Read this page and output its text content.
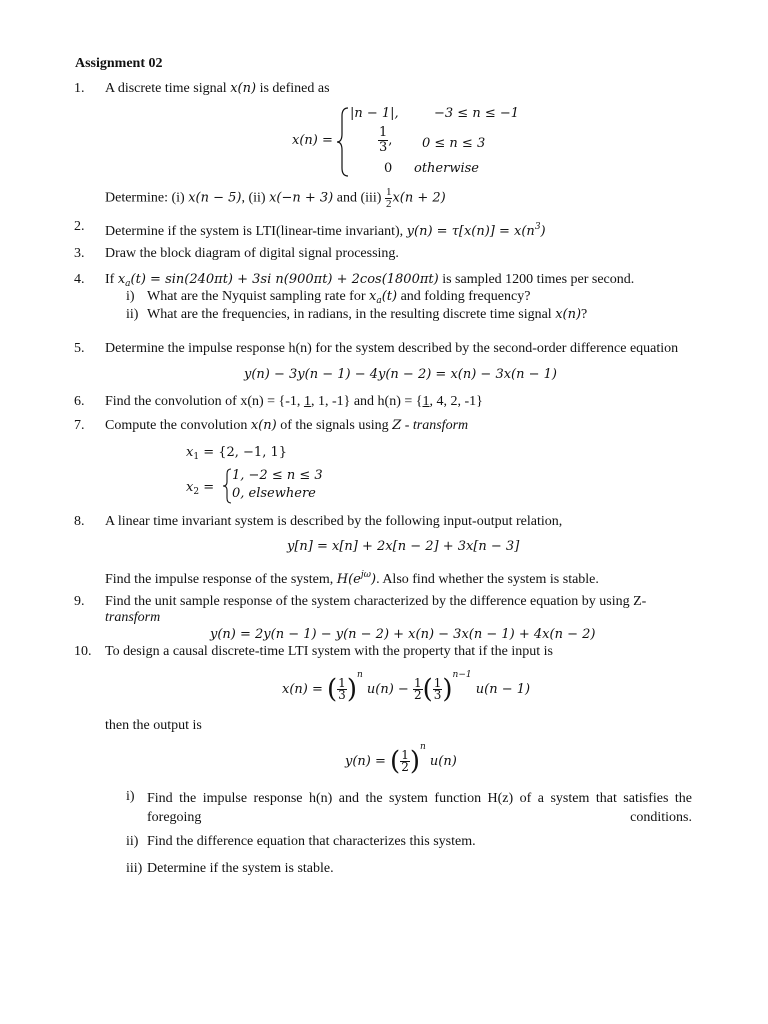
Assignment 02
1.	A discrete time signal x(n) is defined as
x(n) =
|n − 1|,	−3 ≤ n ≤ −1
$\frac{1}{3}$ , 0 ≤ n ≤ 3
0 otherwise
Determine: (i) x(n − 5), (ii) x(−n + 3) and $(iii) \frac{1}{2} x(n + 2)$
2.	Determine if the system is LTI(linear-time invariant), $y(n) = \tau[x(n)] = x(n^3)$
3.	Draw the block diagram of digital signal processing.
4.	If $x_a(t) = \sin(240\pi t) + 3si$ n(900πt) + 2cos(1800πt) is sampled 1200 times per second.
i) What are the Nyquist sampling rate for $x_a(t)$ and folding frequency?
ii) What are the frequencies, in radians, in the resulting discrete time signal x(n)?
5.	Determine the impulse response h(n) for the system described by the second-order difference equation
y(n) − 3y(n − 1) − 4y(n − 2) = x(n) − 3x(n − 1)
6.	Find the convolution of x(n) = {-1, 1, 1, -1} and h(n) = {1, 4, 2, -1}
7.	Compute the convolution x(n) of the signals using Z - transform
$x_1 = \{2$, −1, 1}
$x_2$ =
1, −2 ≤ n ≤ 3
0, elsewhere
8.	A linear time invariant system is described by the following input-output relation,
y[n] = x[n] + 2x[n − 2] + 3x[n − 3]
Find the impulse response of the system, $H(e^{j\omega})$. Also find whether the system is stable.
9.	Find the unit sample response of the system characterized by the difference equation by using Z-
transform
y(n) = 2y(n − 1) − y(n − 2) + x(n) − 3x(n − 1) + 4x(n − 2)
10. To design a causal discrete-time LTI system with the property that if the input is
x(n) = ( $\frac{1}{3} )^n$ $u(n) - \frac{1}{2}$ ( $\frac{1}{3} )^{n-1}$ u(n − 1)
then the output is
y(n) = ( $\frac{1}{2} )^n$ u(n)
i) Find the impulse response h(n) and the system function H(z) of a system that satisfies the foregoing conditions.
ii) Find the difference equation that characterizes this system.
iii) Determine if the system is stable.
